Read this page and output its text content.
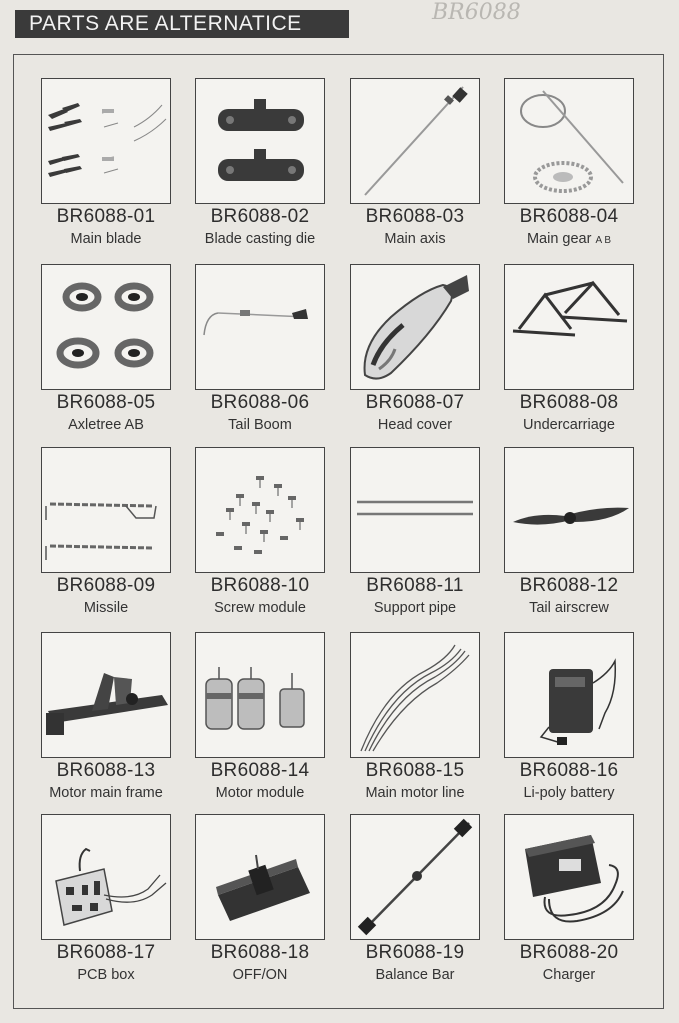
PARTS ARE ALTERNATICE	BR6088
BR6088-01
Main blade
BR6088-02
Blade casting die
BR6088-03
Main axis
BR6088-04
Main gear A B
BR6088-05
Axletree AB
BR6088-06
Tail Boom
BR6088-07
Head cover
BR6088-08
Undercarriage
BR6088-09
Missile
BR6088-10
Screw module
BR6088-11
Support pipe
BR6088-12
Tail airscrew
BR6088-13
Motor main frame
BR6088-14
Motor module
BR6088-15
Main motor line
BR6088-16
Li-poly battery
BR6088-17
PCB box
BR6088-18
OFF/ON
BR6088-19
Balance Bar
BR6088-20
Charger
